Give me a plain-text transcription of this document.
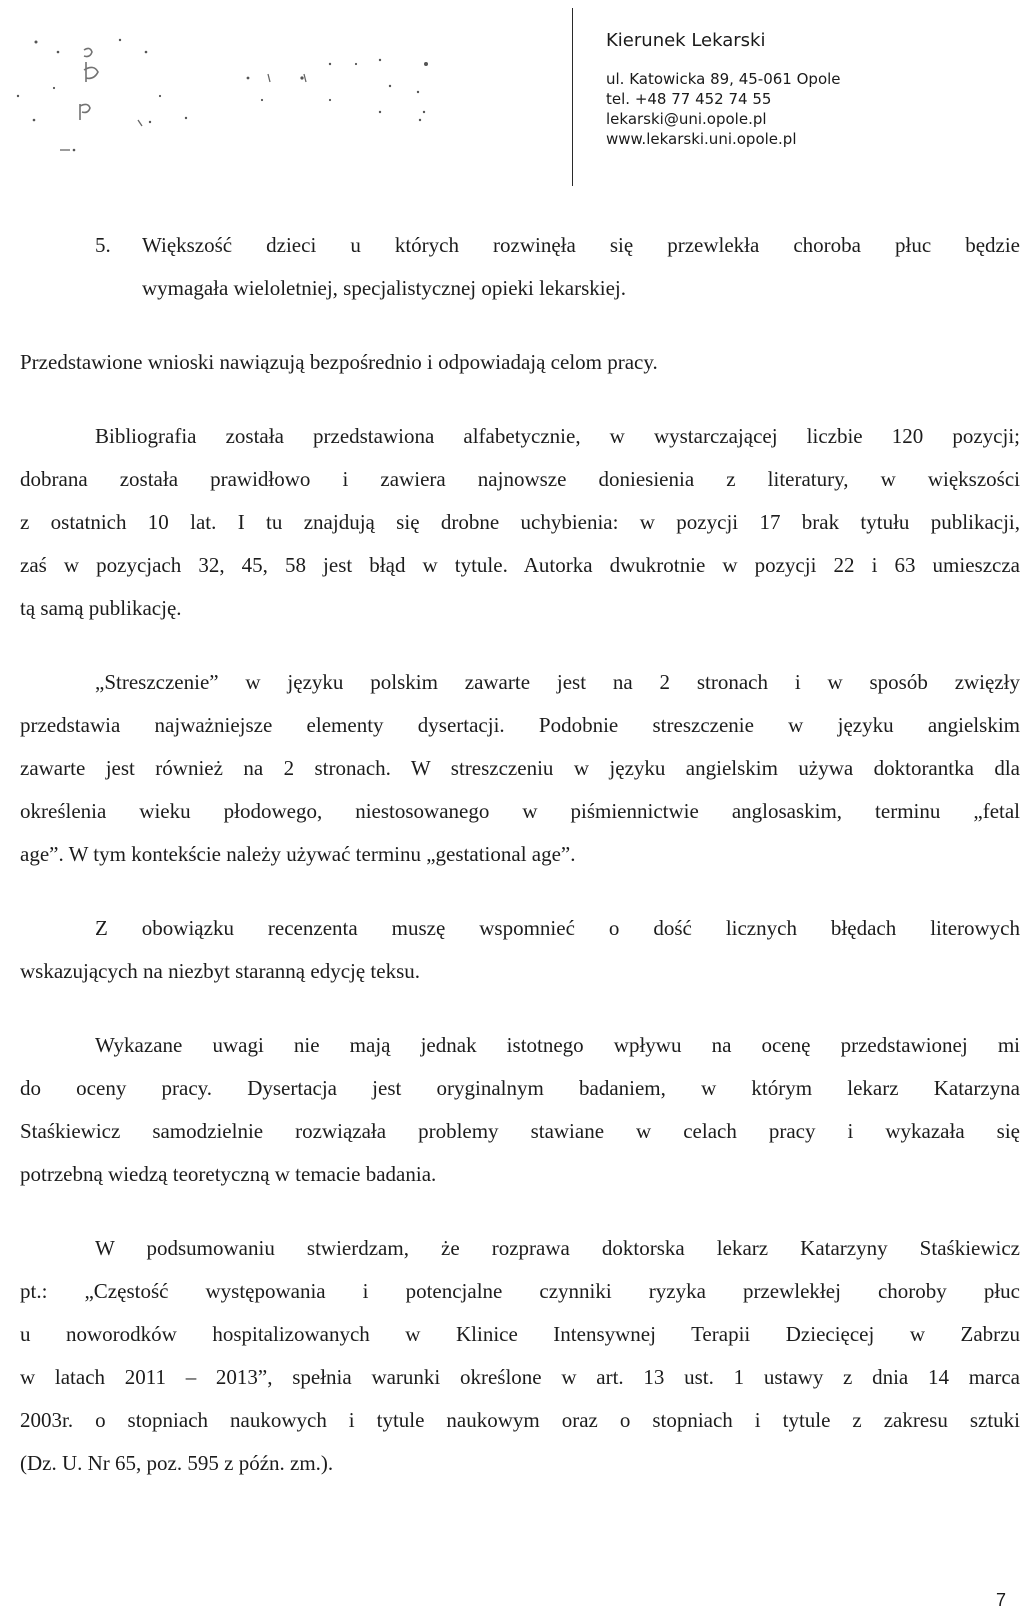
Kierunek Lekarski
ul. Katowicka 89, 45-061 Opole
tel. +48 77 452 74 55
lekarski@uni.opole.pl
www.lekarski.uni.opole.pl
5. Większość dzieci u których rozwinęła się przewlekła choroba płuc będzie
wymagała wieloletniej, specjalistycznej opieki lekarskiej.

Przedstawione wnioski nawiązują bezpośrednio i odpowiadają celom pracy.

Bibliografia została przedstawiona alfabetycznie, w wystarczającej liczbie 120 pozycji;
dobrana została prawidłowo i zawiera najnowsze doniesienia z literatury, w większości
z ostatnich 10 lat. I tu znajdują się drobne uchybienia: w pozycji 17 brak tytułu publikacji,
zaś w pozycjach 32, 45, 58 jest błąd w tytule. Autorka dwukrotnie w pozycji 22 i 63 umieszcza
tą samą publikację.
„Streszczenie” w języku polskim zawarte jest na 2 stronach i w sposób zwięzły
przedstawia najważniejsze elementy dysertacji. Podobnie streszczenie w języku angielskim
zawarte jest również na 2 stronach. W streszczeniu w języku angielskim używa doktorantka dla
określenia wieku płodowego, niestosowanego w piśmiennictwie anglosaskim, terminu „fetal
age”. W tym kontekście należy używać terminu „gestational age”.
Z obowiązku recenzenta muszę wspomnieć o dość licznych błędach literowych
wskazujących na niezbyt staranną edycję teksu.
Wykazane uwagi nie mają jednak istotnego wpływu na ocenę przedstawionej mi
do oceny pracy. Dysertacja jest oryginalnym badaniem, w którym lekarz Katarzyna
Staśkiewicz samodzielnie rozwiązała problemy stawiane w celach pracy i wykazała się
potrzebną wiedzą teoretyczną w temacie badania.
W podsumowaniu stwierdzam, że rozprawa doktorska lekarz Katarzyny Staśkiewicz
pt.: „Częstość występowania i potencjalne czynniki ryzyka przewlekłej choroby płuc
u noworodków hospitalizowanych w Klinice Intensywnej Terapii Dziecięcej w Zabrzu
w latach 2011 – 2013”, spełnia warunki określone w art. 13 ust. 1 ustawy z dnia 14 marca
2003r. o stopniach naukowych i tytule naukowym oraz o stopniach i tytule z zakresu sztuki
(Dz. U. Nr 65, poz. 595 z późn. zm.).
7
